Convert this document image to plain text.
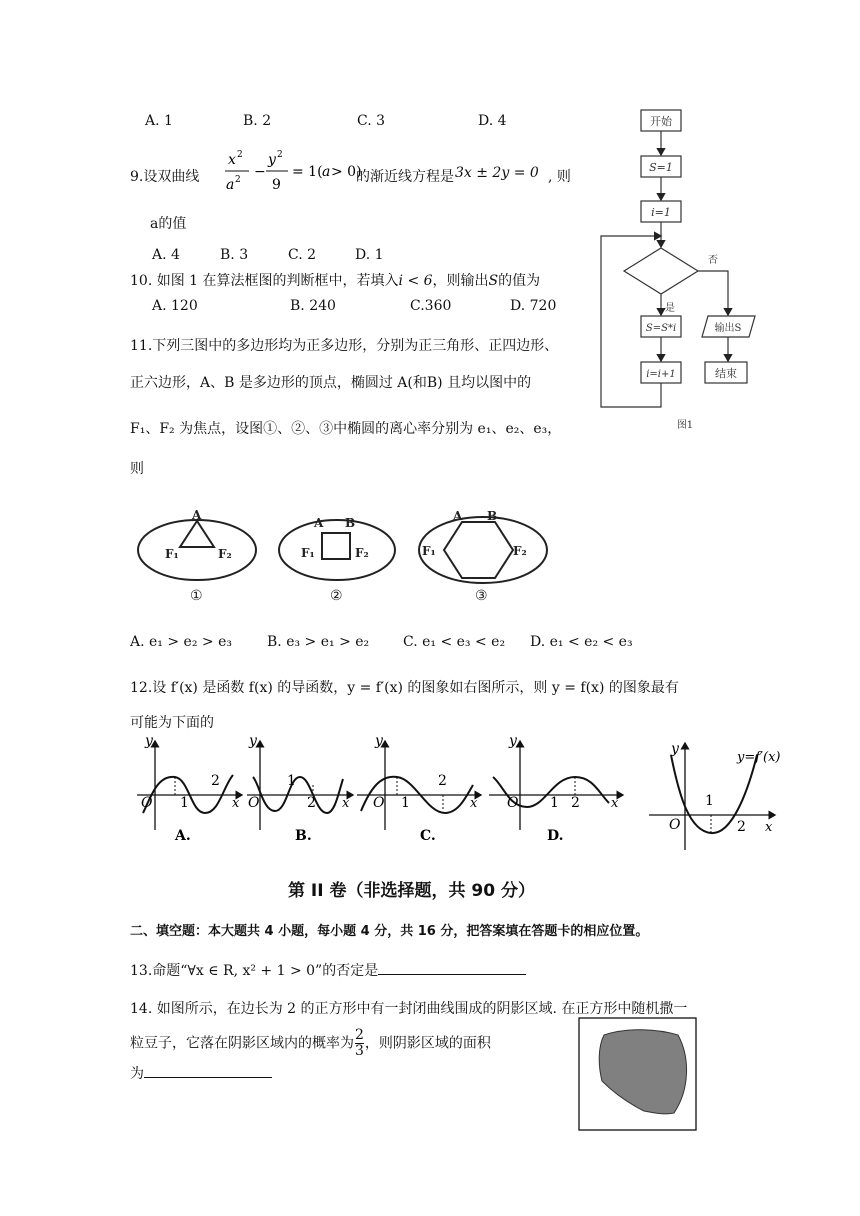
A. 1	B. 2	C. 3	D. 4
9.设双曲线
x 2
a 2 −
y 2
9
= 1( a > 0)
的渐近线方程是 3x ± 2y = 0 , 则
a的值
A. 4	B. 3	C. 2	D. 1
10. 如图 1 在算法框图的判断框中，若填入i < 6，则输出S的值为
A. 120	B. 240	C.360	D. 720
开始
S=1
i=1
否
是
S=S*i	输出S
i=i+1	结束
图1
11.下列三图中的多边形均为正多边形，分别为正三角形、正四边形、
正六边形，A、B 是多边形的顶点，椭圆过 A(和B) 且均以图中的
F₁、F₂ 为焦点，设图①、②、③中椭圆的离心率分别为 e₁、e₂、e₃，
则
A
F₁	F₂
①
A B
F₁	F₂
②
A B
F₁	F₂
③
A. e₁ > e₂ > e₃	B. e₃ > e₁ > e₂ C. e₁ < e₃ < e₂ D. e₁ < e₂ < e₃
12.设 f′(x) 是函数 f(x) 的导函数，y = f′(x) 的图象如右图所示，则 y = f(x) 的图象最有
可能为下面的
y
O 1
2
x
A.
y
O
1
2 x
B.
y
O 1
2
x
C.
y
O 1 2 x
D.
y
O
1
2 x
y=f′(x)
第 II 卷（非选择题，共 90 分）
二、填空题：本大题共 4 小题，每小题 4 分，共 16 分，把答案填在答题卡的相应位置。
13.命题“∀x ∈ R, x² + 1 > 0”的否定是
14. 如图所示，在边长为 2 的正方形中有一封闭曲线围成的阴影区域. 在正方形中随机撒一
粒豆子，它落在阴影区域内的概率为 $\frac{2}{3}$ ，则阴影区域的面积
为
